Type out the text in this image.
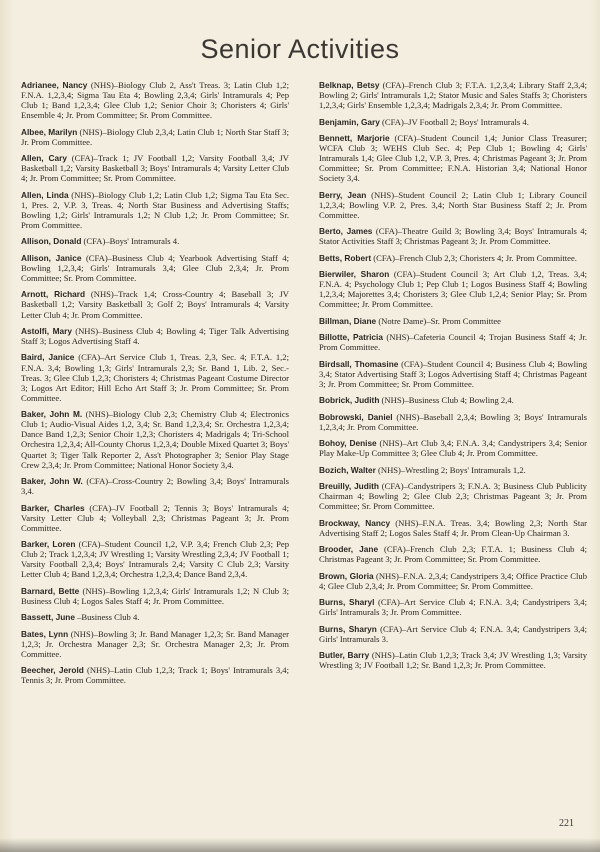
Senior Activities

Adrianee, Nancy (NHS)–Biology Club 2, Ass't Treas. 3; Latin Club 1,2; F.N.A. 1,2,3,4; Sigma Tau Eta 4; Bowling 2,3,4; Girls' Intramurals 4; Pep Club 1; Band 1,2,3,4; Glee Club 1,2; Senior Choir 3; Choristers 4; Girls' Ensemble 4; Jr. Prom Committee; Sr. Prom Committee.

Albee, Marilyn (NHS)–Biology Club 2,3,4; Latin Club 1; North Star Staff 3; Jr. Prom Committee.

Allen, Cary (CFA)–Track 1; JV Football 1,2; Varsity Football 3,4; JV Basketball 1,2; Varsity Basketball 3; Boys' Intramurals 4; Varsity Letter Club 4; Jr. Prom Committee; Sr. Prom Committee.

Allen, Linda (NHS)–Biology Club 1,2; Latin Club 1,2; Sigma Tau Eta Sec. 1, Pres. 2, V.P. 3, Treas. 4; North Star Business and Advertising Staffs; Bowling 1,2; Girls' Intramurals 1,2; N Club 1,2; Jr. Prom Committee; Sr. Prom Committee.

Allison, Donald (CFA)–Boys' Intramurals 4.

Allison, Janice (CFA)–Business Club 4; Yearbook Advertising Staff 4; Bowling 1,2,3,4; Girls' Intramurals 3,4; Glee Club 2,3,4; Jr. Prom Committee; Sr. Prom Committee.

Arnott, Richard (NHS)–Track 1,4; Cross-Country 4; Baseball 3; JV Basketball 1,2; Varsity Basketball 3; Golf 2; Boys' Intramurals 4; Varsity Letter Club 4; Jr. Prom Committee.

Astolfi, Mary (NHS)–Business Club 4; Bowling 4; Tiger Talk Advertising Staff 3; Logos Advertising Staff 4.

Baird, Janice (CFA)–Art Service Club 1, Treas. 2,3, Sec. 4; F.T.A. 1,2; F.N.A. 3,4; Bowling 1,3; Girls' Intramurals 2,3; Sr. Band 1, Lib. 2, Sec.-Treas. 3; Glee Club 1,2,3; Choristers 4; Christmas Pageant Costume Director 3; Logos Art Editor; Hill Echo Art Staff 3; Jr. Prom Committee; Sr. Prom Committee.

Baker, John M. (NHS)–Biology Club 2,3; Chemistry Club 4; Electronics Club 1; Audio-Visual Aides 1,2, 3,4; Sr. Band 1,2,3,4; Sr. Orchestra 1,2,3,4; Dance Band 1,2,3; Senior Choir 1,2,3; Choristers 4; Madrigals 4; Tri-School Orchestra 1,2,3,4; All-County Chorus 1,2,3,4; Double Mixed Quartet 3; Boys' Quartet 3; Tiger Talk Reporter 2, Ass't Photographer 3; Senior Play Stage Crew 2,3,4; Jr. Prom Committee; National Honor Society 3,4.

Baker, John W. (CFA)–Cross-Country 2; Bowling 3,4; Boys' Intramurals 3,4.

Barker, Charles (CFA)–JV Football 2; Tennis 3; Boys' Intramurals 4; Varsity Letter Club 4; Volleyball 2,3; Christmas Pageant 3; Jr. Prom Committee.

Barker, Loren (CFA)–Student Council 1,2, V.P. 3,4; French Club 2,3; Pep Club 2; Track 1,2,3,4; JV Wrestling 1; Varsity Wrestling 2,3,4; JV Football 1; Varsity Football 2,3,4; Boys' Intramurals 2,4; Varsity C Club 2,3; Varsity Letter Club 4; Band 1,2,3,4; Orchestra 1,2,3,4; Dance Band 2,3,4.

Barnard, Bette (NHS)–Bowling 1,2,3,4; Girls' Intramurals 1,2; N Club 3; Business Club 4; Logos Sales Staff 4; Jr. Prom Committee.

Bassett, June –Business Club 4.

Bates, Lynn (NHS)–Bowling 3; Jr. Band Manager 1,2,3; Sr. Band Manager 1,2,3; Jr. Orchestra Manager 2,3; Sr. Orchestra Manager 2,3; Jr. Prom Committee.

Beecher, Jerold (NHS)–Latin Club 1,2,3; Track 1; Boys' Intramurals 3,4; Tennis 3; Jr. Prom Committee.

Belknap, Betsy (CFA)–French Club 3; F.T.A. 1,2,3,4; Library Staff 2,3,4; Bowling 2; Girls' Intramurals 1,2; Stator Music and Sales Staffs 3; Choristers 1,2,3,4; Girls' Ensemble 1,2,3,4; Madrigals 2,3,4; Jr. Prom Committee.

Benjamin, Gary (CFA)–JV Football 2; Boys' Intramurals 4.

Bennett, Marjorie (CFA)–Student Council 1,4; Junior Class Treasurer; WCFA Club 3; WEHS Club Sec. 4; Pep Club 1; Bowling 4; Girls' Intramurals 1,4; Glee Club 1,2, V.P. 3, Pres. 4; Christmas Pageant 3; Jr. Prom Committee; Sr. Prom Committee; F.N.A. Historian 3,4; National Honor Society 3,4.

Berry, Jean (NHS)–Student Council 2; Latin Club 1; Library Council 1,2,3,4; Bowling V.P. 2, Pres. 3,4; North Star Business Staff 2; Jr. Prom Committee.

Berto, James (CFA)–Theatre Guild 3; Bowling 3,4; Boys' Intramurals 4; Stator Activities Staff 3; Christmas Pageant 3; Jr. Prom Committee.

Betts, Robert (CFA)–French Club 2,3; Choristers 4; Jr. Prom Committee.

Bierwiler, Sharon (CFA)–Student Council 3; Art Club 1,2, Treas. 3,4; F.N.A. 4; Psychology Club 1; Pep Club 1; Logos Business Staff 4; Bowling 1,2,3,4; Majorettes 3,4; Choristers 3; Glee Club 1,2,4; Senior Play; Sr. Prom Committee; Jr. Prom Committee.

Billman, Diane (Notre Dame)–Sr. Prom Committee

Billotte, Patricia (NHS)–Cafeteria Council 4; Trojan Business Staff 4; Jr. Prom Committee.

Birdsall, Thomasine (CFA)–Student Council 4; Business Club 4; Bowling 3,4; Stator Advertising Staff 3; Logos Advertising Staff 4; Christmas Pageant 3; Jr. Prom Committee; Sr. Prom Committee.

Bobrick, Judith (NHS)–Business Club 4; Bowling 2,4.

Bobrowski, Daniel (NHS)–Baseball 2,3,4; Bowling 3; Boys' Intramurals 1,2,3,4; Jr. Prom Committee.

Bohoy, Denise (NHS)–Art Club 3,4; F.N.A. 3,4; Candystripers 3,4; Senior Play Make-Up Committee 3; Glee Club 4; Jr. Prom Committee.

Bozich, Walter (NHS)–Wrestling 2; Boys' Intramurals 1,2.

Breuilly, Judith (CFA)–Candystripers 3; F.N.A. 3; Business Club Publicity Chairman 4; Bowling 2; Glee Club 2,3; Christmas Pageant 3; Jr. Prom Committee; Sr. Prom Committee.

Brockway, Nancy (NHS)–F.N.A. Treas. 3,4; Bowling 2,3; North Star Advertising Staff 2; Logos Sales Staff 4; Jr. Prom Clean-Up Chairman 3.

Brooder, Jane (CFA)–French Club 2,3; F.T.A. 1; Business Club 4; Christmas Pageant 3; Jr. Prom Committee; Sr. Prom Committee.

Brown, Gloria (NHS)–F.N.A. 2,3,4; Candystripers 3,4; Office Practice Club 4; Glee Club 2,3,4; Jr. Prom Committee; Sr. Prom Committee.

Burns, Sharyl (CFA)–Art Service Club 4; F.N.A. 3,4; Candystripers 3,4; Girls' Intramurals 3; Jr. Prom Committee.

Burns, Sharyn (CFA)–Art Service Club 4; F.N.A. 3,4; Candystripers 3,4; Girls' Intramurals 3.

Butler, Barry (NHS)–Latin Club 1,2,3; Track 3,4; JV Wrestling 1,3; Varsity Wrestling 3; JV Football 1,2; Sr. Band 1,2,3; Jr. Prom Committee.

221
